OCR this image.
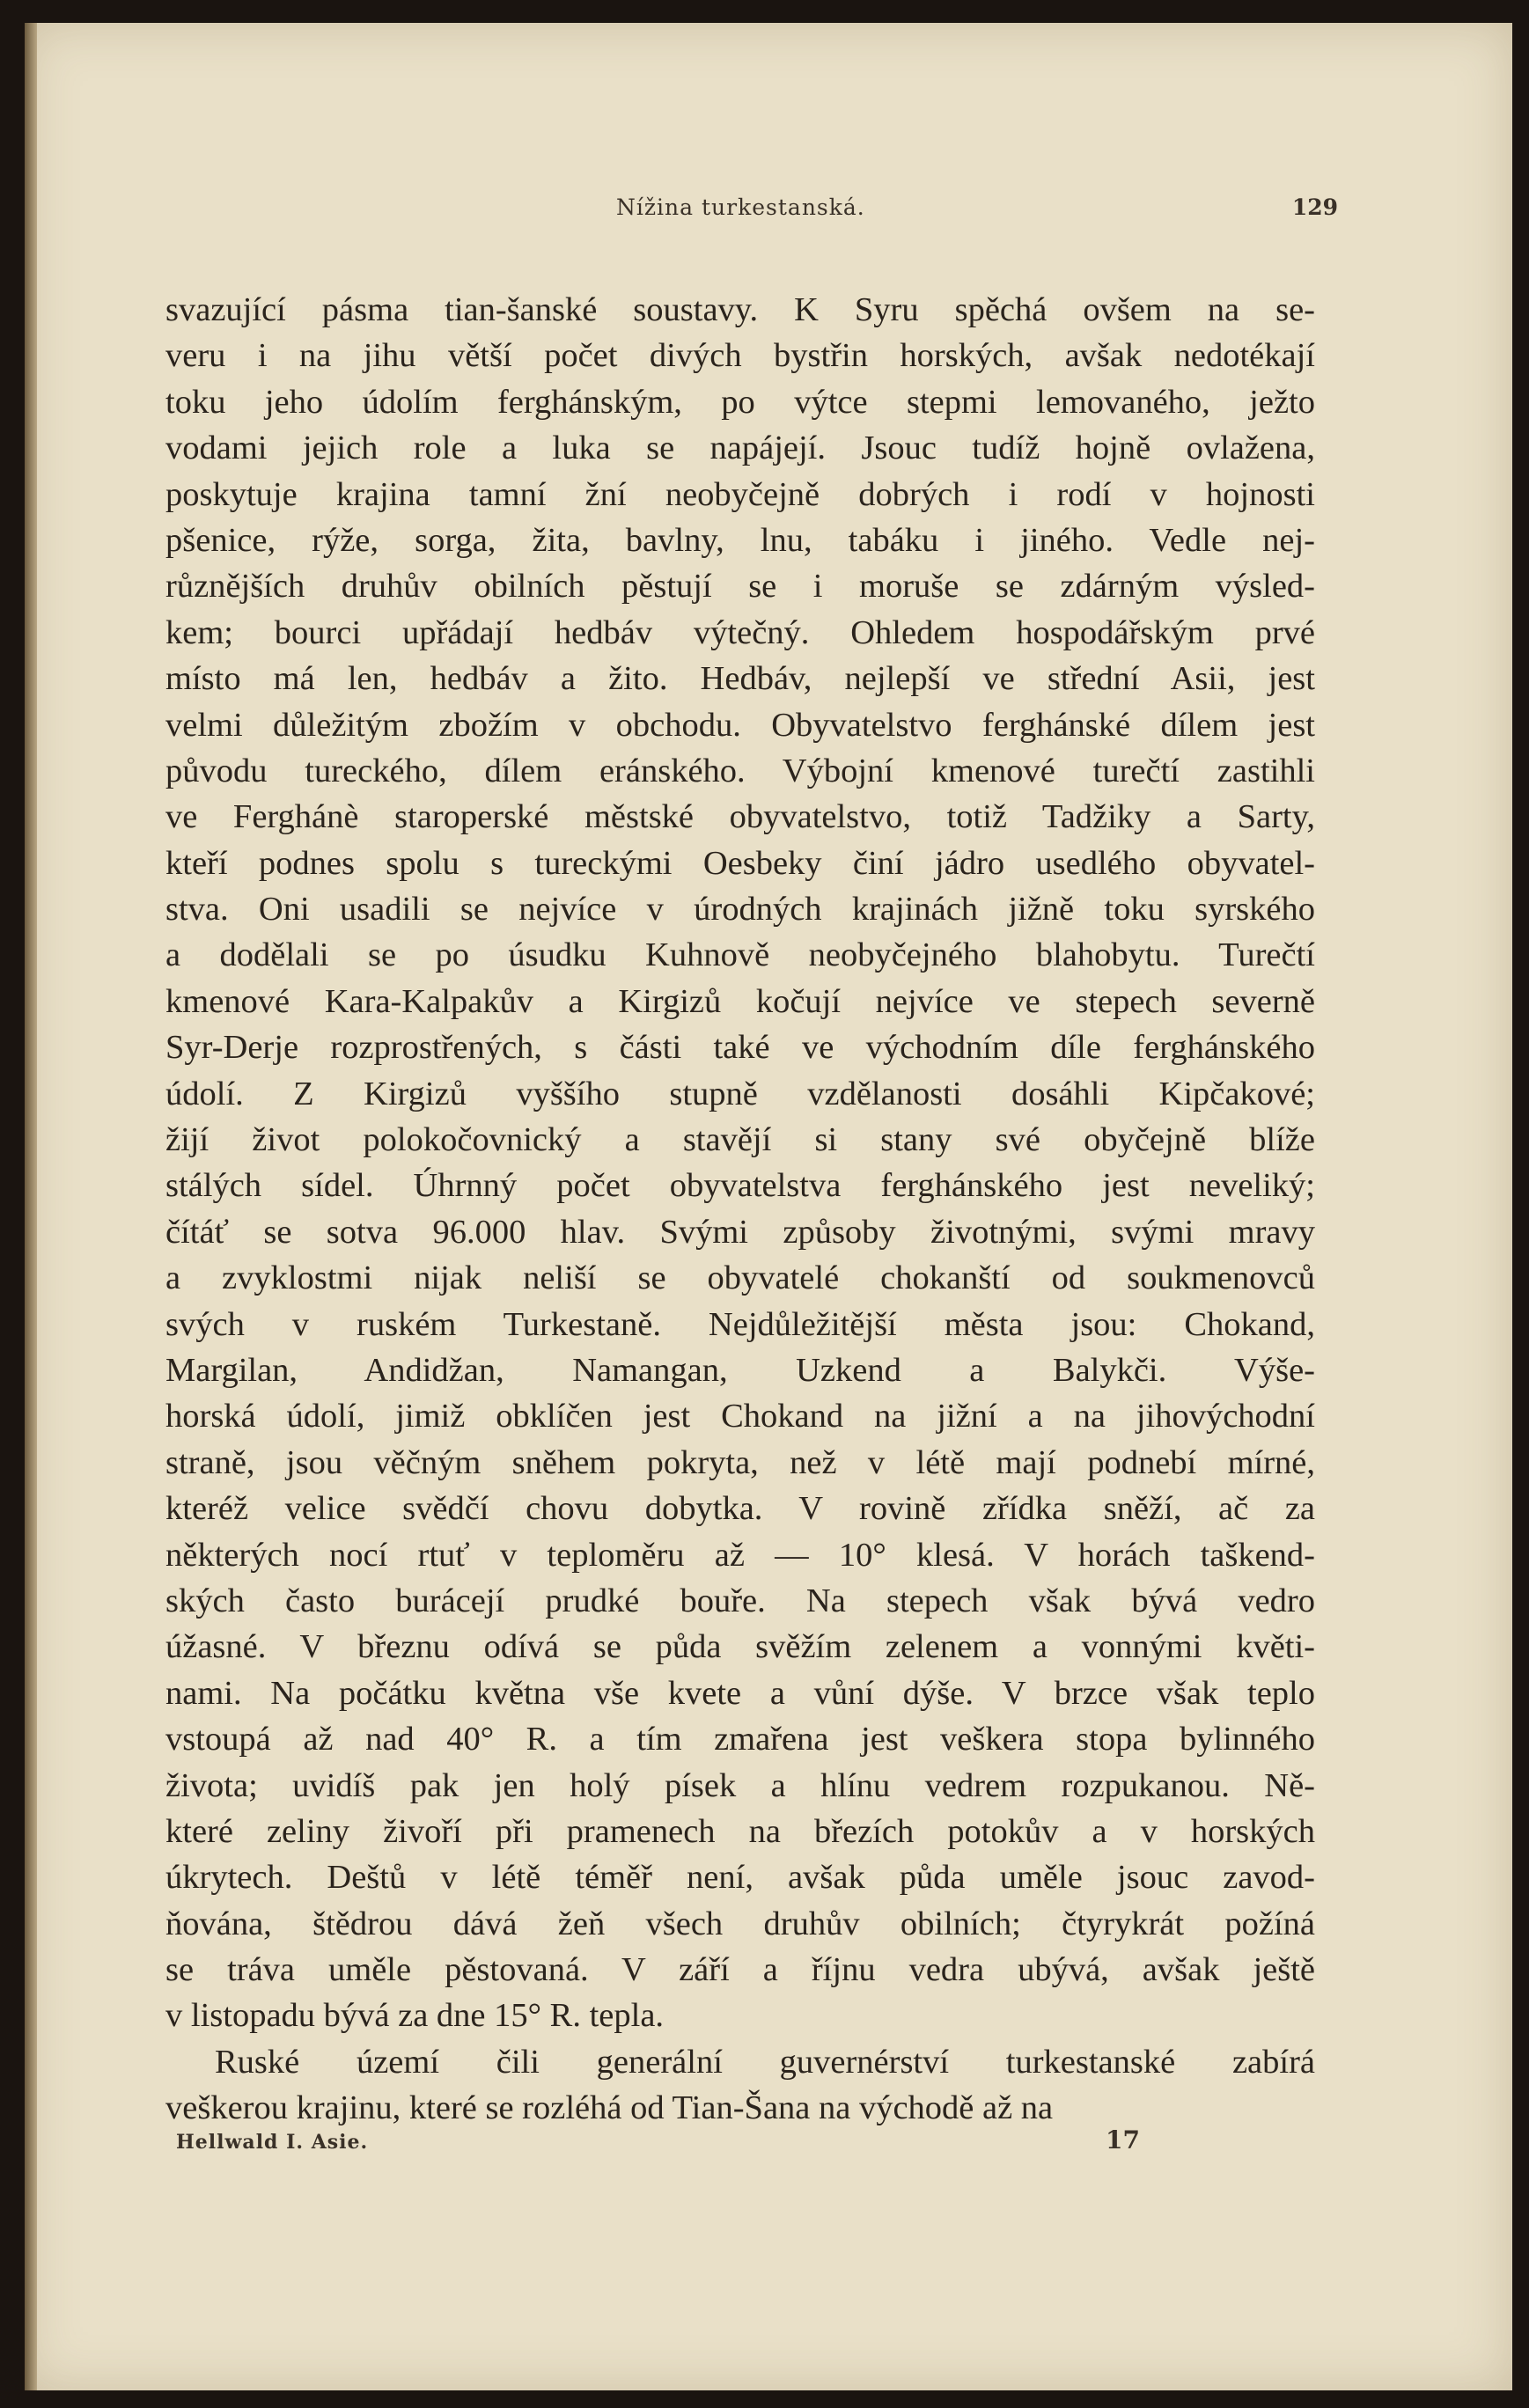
Nížina turkestanská.	129
svazující pásma tian-šanské soustavy. K Syru spěchá ovšem na se-
veru i na jihu větší počet divých bystřin horských, avšak nedotékají
toku jeho údolím ferghánským, po výtce stepmi lemovaného, ježto
vodami jejich role a luka se napájejí. Jsouc tudíž hojně ovlažena,
poskytuje krajina tamní žní neobyčejně dobrých i rodí v hojnosti
pšenice, rýže, sorga, žita, bavlny, lnu, tabáku i jiného. Vedle nej-
různějších druhův obilních pěstují se i moruše se zdárným výsled-
kem; bourci upřádají hedbáv výtečný. Ohledem hospodářským prvé
místo má len, hedbáv a žito. Hedbáv, nejlepší ve střední Asii, jest
velmi důležitým zbožím v obchodu. Obyvatelstvo ferghánské dílem jest
původu tureckého, dílem eránského. Výbojní kmenové turečtí zastihli
ve Ferghánè staroperské městské obyvatelstvo, totiž Tadžiky a Sarty,
kteří podnes spolu s tureckými Oesbeky činí jádro usedlého obyvatel-
stva. Oni usadili se nejvíce v úrodných krajinách jižně toku syrského
a dodělali se po úsudku Kuhnově neobyčejného blahobytu. Turečtí
kmenové Kara-Kalpakův a Kirgizů kočují nejvíce ve stepech severně
Syr-Derje rozprostřených, s části také ve východním díle ferghánského
údolí. Z Kirgizů vyššího stupně vzdělanosti dosáhli Kipčakové;
žijí život polokočovnický a stavějí si stany své obyčejně blíže
stálých sídel. Úhrnný počet obyvatelstva ferghánského jest neveliký;
čítáť se sotva 96.000 hlav. Svými způsoby životnými, svými mravy
a zvyklostmi nijak neliší se obyvatelé chokanští od soukmenovců
svých v ruském Turkestaně. Nejdůležitější města jsou: Chokand,
Margilan, Andidžan, Namangan, Uzkend a Balykči. Výše-
horská údolí, jimiž obklíčen jest Chokand na jižní a na jihovýchodní
straně, jsou věčným sněhem pokryta, než v létě mají podnebí mírné,
kteréž velice svědčí chovu dobytka. V rovině zřídka sněží, ač za
některých nocí rtuť v teploměru až — 10° klesá. V horách taškend-
ských často burácejí prudké bouře. Na stepech však bývá vedro
úžasné. V březnu odívá se půda svěžím zelenem a vonnými květi-
nami. Na počátku května vše kvete a vůní dýše. V brzce však teplo
vstoupá až nad 40° R. a tím zmařena jest veškera stopa bylinného
života; uvidíš pak jen holý písek a hlínu vedrem rozpukanou. Ně-
které zeliny živoří při pramenech na březích potokův a v horských
úkrytech. Deštů v létě téměř není, avšak půda uměle jsouc zavod-
ňována, štědrou dává žeň všech druhův obilních; čtyrykrát požíná
se tráva uměle pěstovaná. V září a říjnu vedra ubývá, avšak ještě
v listopadu bývá za dne 15° R. tepla.
Ruské území čili generální guvernérství turkestanské zabírá
veškerou krajinu, které se rozléhá od Tian-Šana na východě až na
Hellwald I. Asie.	17
